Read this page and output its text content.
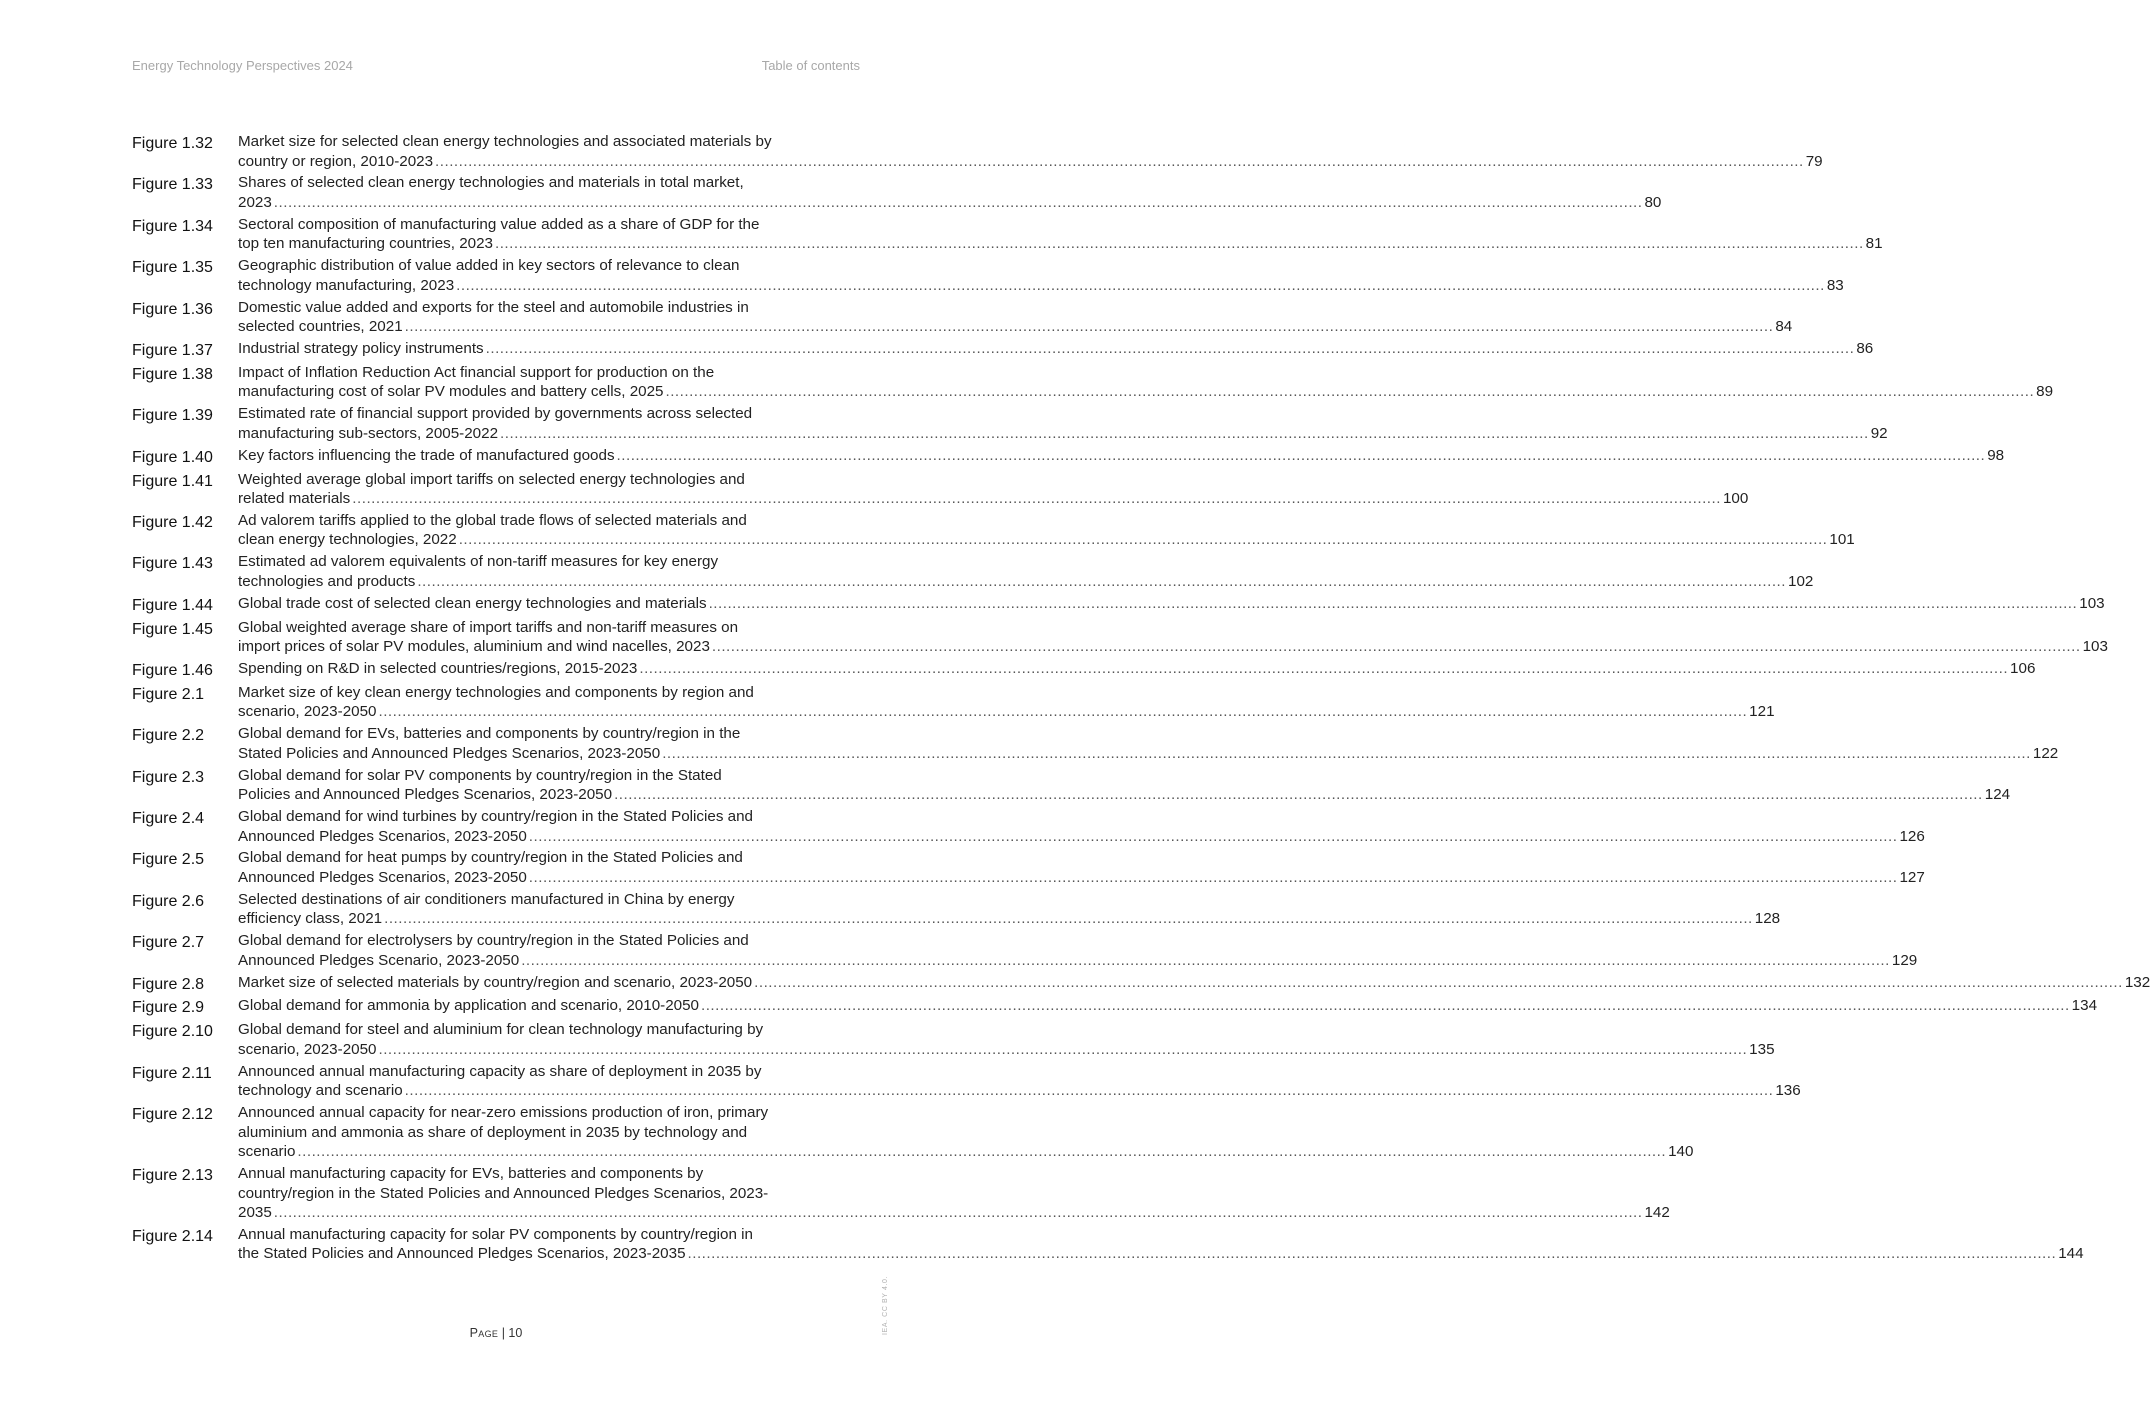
Energy Technology Perspectives 2024	Table of contents
Figure 1.32	Market size for selected clean energy technologies and associated materials by
country or region, 2010-2023 .....	79
Figure 1.33	Shares of selected clean energy technologies and materials in total market,
2023 .....	80
Figure 1.34	Sectoral composition of manufacturing value added as a share of GDP for the
top ten manufacturing countries, 2023 .....	81
Figure 1.35	Geographic distribution of value added in key sectors of relevance to clean
technology manufacturing, 2023 .....	83
Figure 1.36	Domestic value added and exports for the steel and automobile industries in
selected countries, 2021 .....	84
Figure 1.37	Industrial strategy policy instruments .....	86
Figure 1.38	Impact of Inflation Reduction Act financial support for production on the
manufacturing cost of solar PV modules and battery cells, 2025 .....	89
Figure 1.39	Estimated rate of financial support provided by governments across selected
manufacturing sub-sectors, 2005-2022 .....	92
Figure 1.40	Key factors influencing the trade of manufactured goods .....	98
Figure 1.41	Weighted average global import tariffs on selected energy technologies and
related materials .....	100
Figure 1.42	Ad valorem tariffs applied to the global trade flows of selected materials and
clean energy technologies, 2022 .....	101
Figure 1.43	Estimated ad valorem equivalents of non-tariff measures for key energy
technologies and products .....	102
Figure 1.44	Global trade cost of selected clean energy technologies and materials .....	103
Figure 1.45	Global weighted average share of import tariffs and non-tariff measures on
import prices of solar PV modules, aluminium and wind nacelles, 2023 .....	103
Figure 1.46	Spending on R&D in selected countries/regions, 2015-2023 .....	106
Figure 2.1	Market size of key clean energy technologies and components by region and
scenario, 2023-2050 .....	121
Figure 2.2	Global demand for EVs, batteries and components by country/region in the
Stated Policies and Announced Pledges Scenarios, 2023-2050 .....	122
Figure 2.3	Global demand for solar PV components by country/region in the Stated
Policies and Announced Pledges Scenarios, 2023-2050 .....	124
Figure 2.4	Global demand for wind turbines by country/region in the Stated Policies and
Announced Pledges Scenarios, 2023-2050 .....	126
Figure 2.5	Global demand for heat pumps by country/region in the Stated Policies and
Announced Pledges Scenarios, 2023-2050 .....	127
Figure 2.6	Selected destinations of air conditioners manufactured in China by energy
efficiency class, 2021 .....	128
Figure 2.7	Global demand for electrolysers by country/region in the Stated Policies and
Announced Pledges Scenario, 2023-2050 .....	129
Figure 2.8	Market size of selected materials by country/region and scenario, 2023-2050 .....	132
Figure 2.9	Global demand for ammonia by application and scenario, 2010-2050 .....	134
Figure 2.10	Global demand for steel and aluminium for clean technology manufacturing by
scenario, 2023-2050 .....	135
Figure 2.11	Announced annual manufacturing capacity as share of deployment in 2035 by
technology and scenario .....	136
Figure 2.12	Announced annual capacity for near-zero emissions production of iron, primary
aluminium and ammonia as share of deployment in 2035 by technology and
scenario .....	140
Figure 2.13	Annual manufacturing capacity for EVs, batteries and components by
country/region in the Stated Policies and Announced Pledges Scenarios, 2023-
2035 .....	142
Figure 2.14	Annual manufacturing capacity for solar PV components by country/region in
the Stated Policies and Announced Pledges Scenarios, 2023-2035 .....	144
Page | 10	IEA. CC BY 4.0.
